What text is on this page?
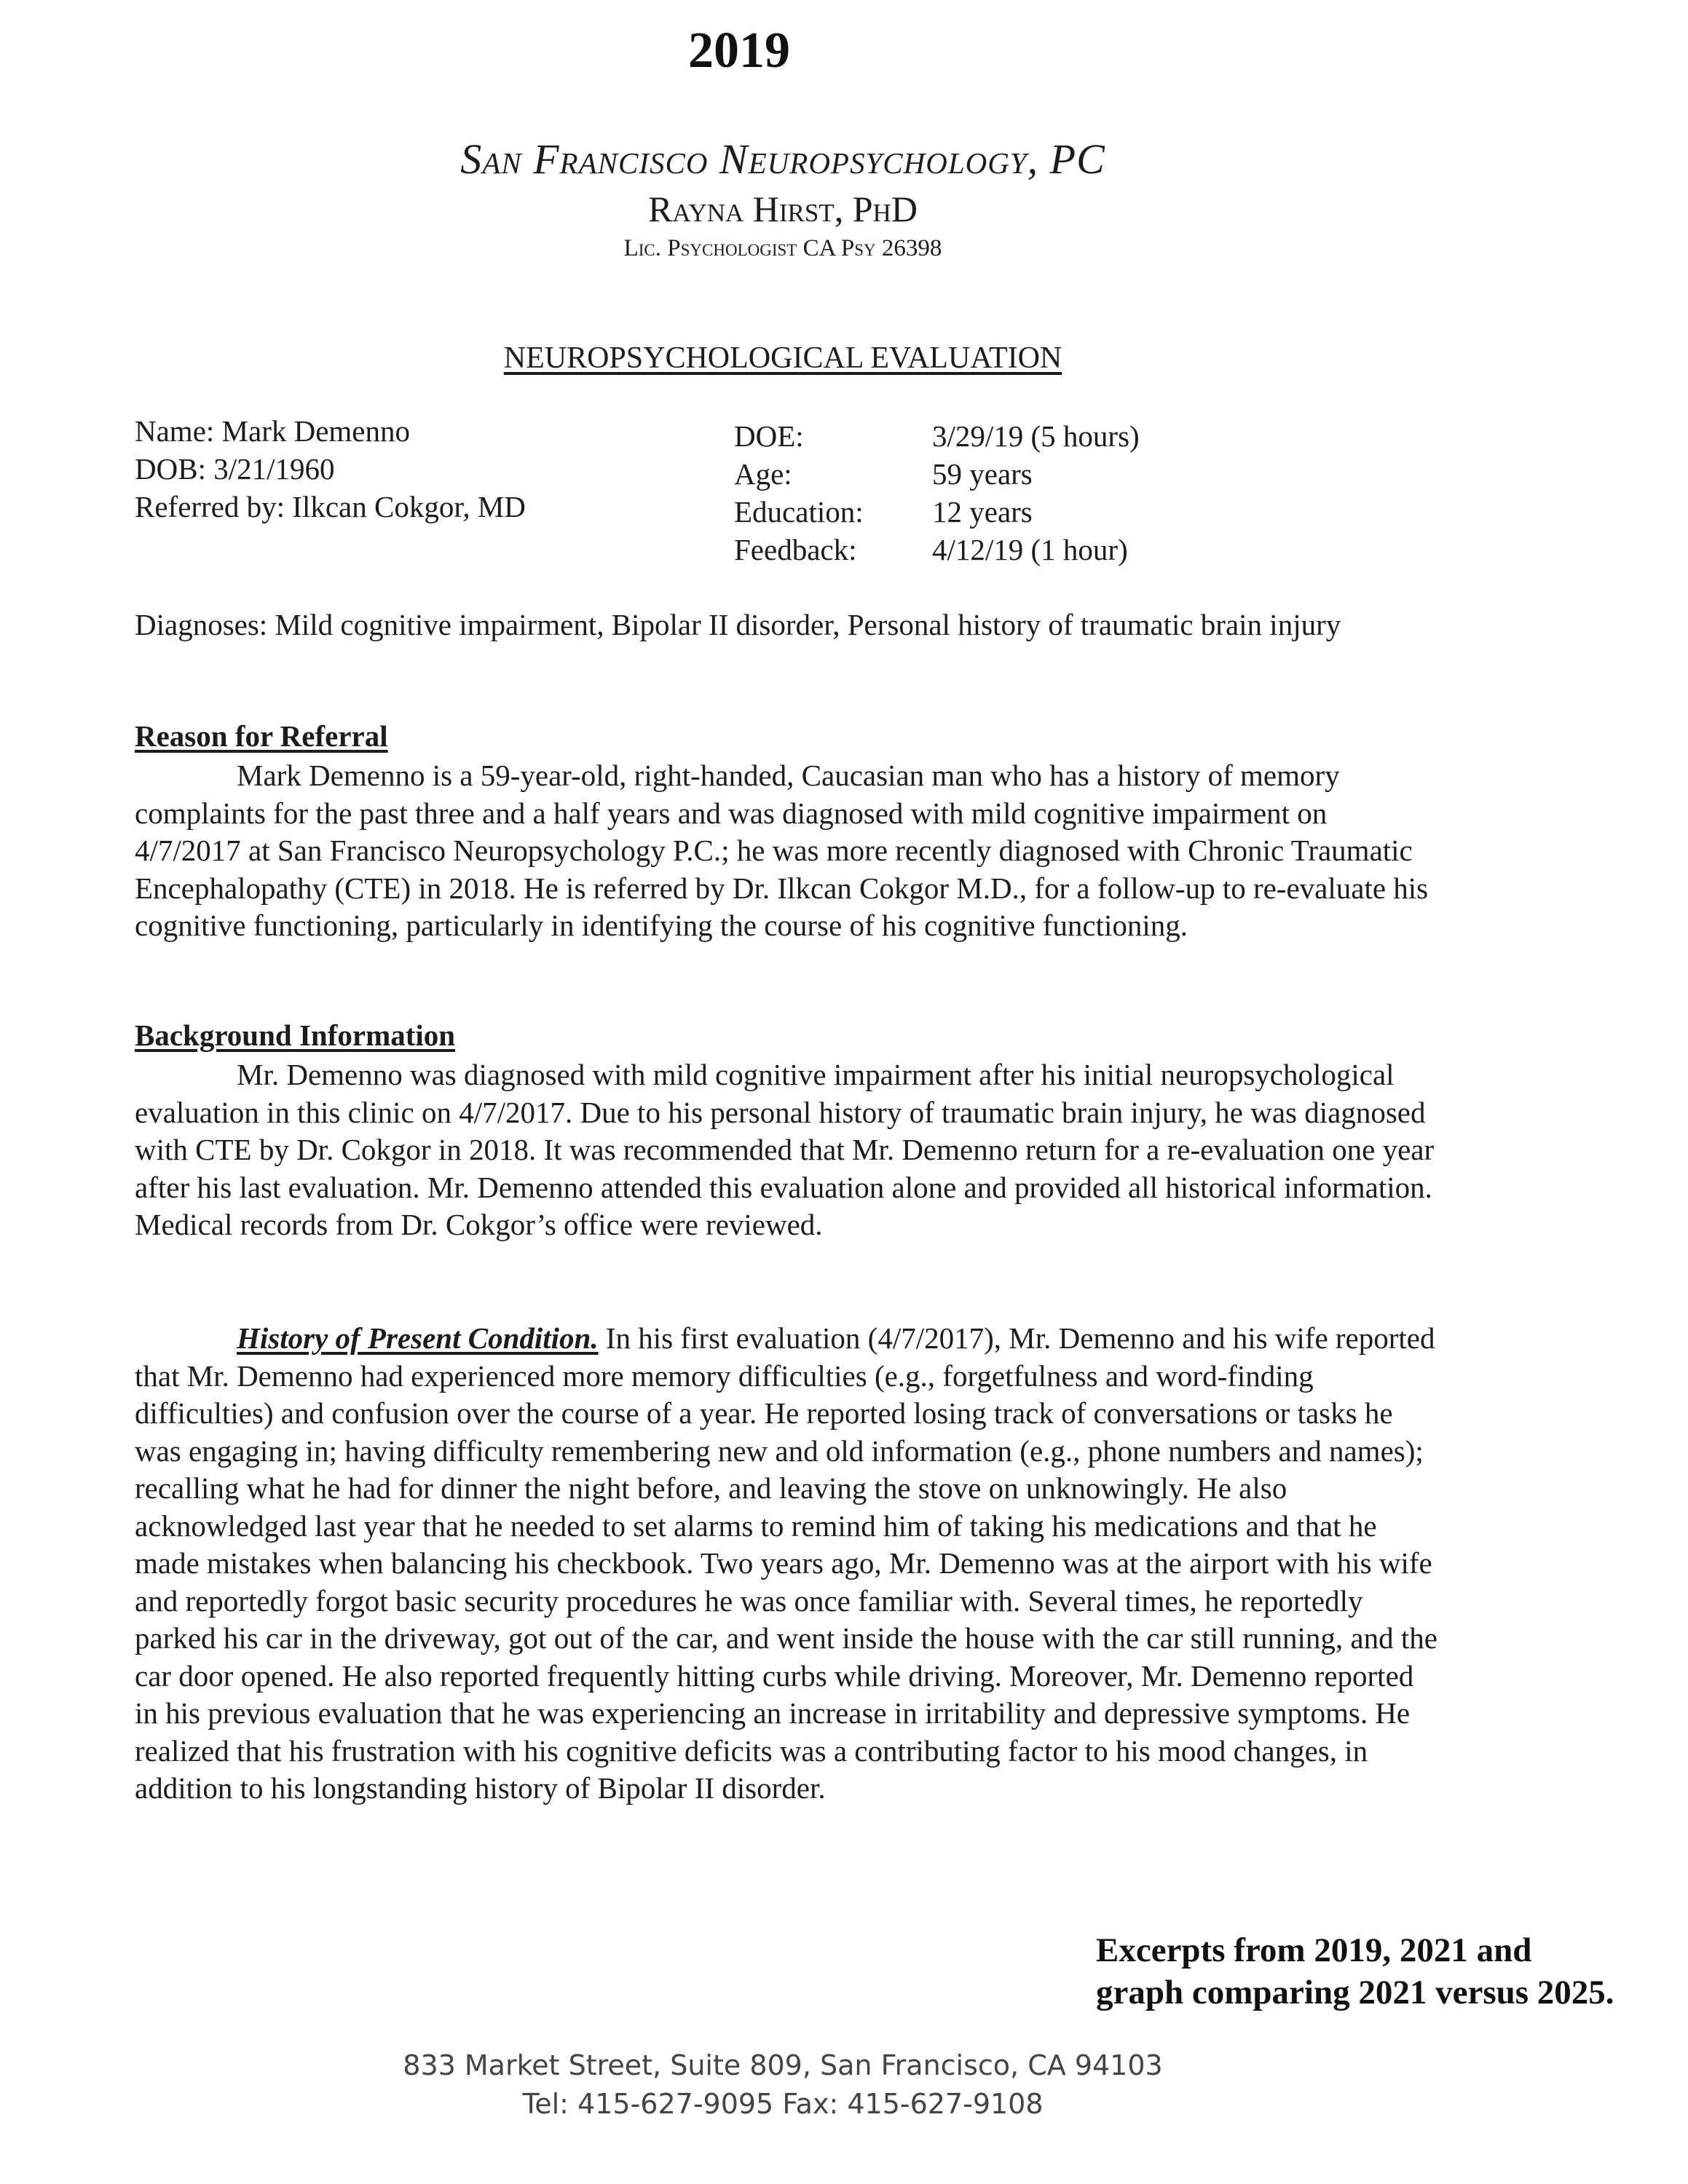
2019
San Francisco Neuropsychology, PC
Rayna Hirst, PhD
Lic. Psychologist CA Psy 26398
NEUROPSYCHOLOGICAL EVALUATION
Name: Mark Demenno
DOB: 3/21/1960
Referred by: Ilkcan Cokgor, MD
DOE:	3/29/19 (5 hours)
Age:	59 years
Education: 12 years
Feedback:	4/12/19 (1 hour)
Diagnoses: Mild cognitive impairment, Bipolar II disorder, Personal history of traumatic brain injury
Reason for Referral
Mark Demenno is a 59-year-old, right-handed, Caucasian man who has a history of memory complaints for the past three and a half years and was diagnosed with mild cognitive impairment on 4/7/2017 at San Francisco Neuropsychology P.C.; he was more recently diagnosed with Chronic Traumatic Encephalopathy (CTE) in 2018. He is referred by Dr. Ilkcan Cokgor M.D., for a follow-up to re-evaluate his cognitive functioning, particularly in identifying the course of his cognitive functioning.
Background Information
Mr. Demenno was diagnosed with mild cognitive impairment after his initial neuropsychological evaluation in this clinic on 4/7/2017. Due to his personal history of traumatic brain injury, he was diagnosed with CTE by Dr. Cokgor in 2018. It was recommended that Mr. Demenno return for a re-evaluation one year after his last evaluation. Mr. Demenno attended this evaluation alone and provided all historical information. Medical records from Dr. Cokgor’s office were reviewed.
History of Present Condition. In his first evaluation (4/7/2017), Mr. Demenno and his wife reported that Mr. Demenno had experienced more memory difficulties (e.g., forgetfulness and word-finding difficulties) and confusion over the course of a year. He reported losing track of conversations or tasks he was engaging in; having difficulty remembering new and old information (e.g., phone numbers and names); recalling what he had for dinner the night before, and leaving the stove on unknowingly. He also acknowledged last year that he needed to set alarms to remind him of taking his medications and that he made mistakes when balancing his checkbook. Two years ago, Mr. Demenno was at the airport with his wife and reportedly forgot basic security procedures he was once familiar with. Several times, he reportedly parked his car in the driveway, got out of the car, and went inside the house with the car still running, and the car door opened. He also reported frequently hitting curbs while driving. Moreover, Mr. Demenno reported in his previous evaluation that he was experiencing an increase in irritability and depressive symptoms. He realized that his frustration with his cognitive deficits was a contributing factor to his mood changes, in addition to his longstanding history of Bipolar II disorder.
Excerpts from 2019, 2021 and graph comparing 2021 versus 2025.
833 Market Street, Suite 809, San Francisco, CA 94103
Tel: 415-627-9095 Fax: 415-627-9108
